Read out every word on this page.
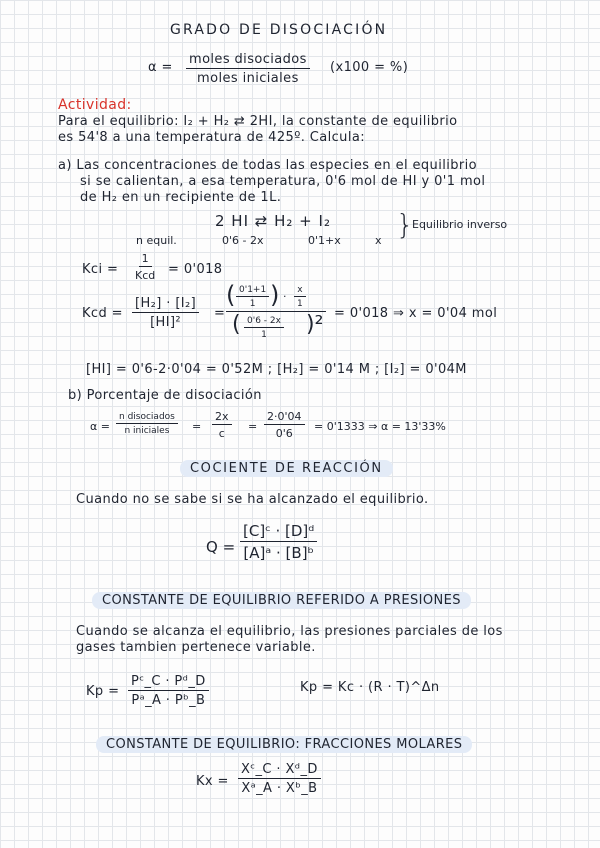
GRADO DE DISOCIACIÓN
α =
moles disociados
moles iniciales
(x100 = %)
Actividad:
Para el equilibrio: I₂ + H₂ ⇄ 2HI, la constante de equilibrio
es 54'8 a una temperatura de 425º. Calcula:
a) Las concentraciones de todas las especies en el equilibrio
si se calientan, a esa temperatura, 0'6 mol de HI y 0'1 mol
de H₂ en un recipiente de 1L.
2 HI ⇄ H₂ + I₂ }
Equilibrio inverso
n equil.	0'6 - 2x	0'1+x	x
Kci =
1
Kcd = 0'018
Kcd = $\frac{\text{[H₂] · [I₂]}}{\text{[HI]²}}$ =
( $\frac{0'1+1}{1}$ ) · $\frac{x}{1}$
( $\frac{0'6 - 2x}{1} )^2 = 0'018$ ⇒ x = 0'04 mol
[HI] = 0'6-2·0'04 = 0'52M ; [H₂] = 0'14 M ; [I₂] = 0'04M
b) Porcentaje de disociación
α =
n disociados
n iniciales = $\frac{2x}{c} = \frac{2\cdot 0'04}{0'6} = 0'1333$ ⇒ α = 13'33%
COCIENTE DE REACCIÓN
Cuando no se sabe si se ha alcanzado el equilibrio.
$Q = \frac{\text{[C]ᶜ · [D]ᵈ}}{\text{[A]ᵃ · [B]ᵇ}}$
CONSTANTE DE EQUILIBRIO REFERIDO A PRESIONES
Cuando se alcanza el equilibrio, las presiones parciales de los
gases tambien pertenece variable.
$Kp = \frac{\text{Pᶜ\_C · Pᵈ\_D}}{\text{Pᵃ\_A · Pᵇ\_B}}$	Kp = Kc · (R · T)^Δn
CONSTANTE DE EQUILIBRIO: FRACCIONES MOLARES
$Kx = \frac{\text{Xᶜ\_C · Xᵈ\_D}}{\text{Xᵃ\_A · Xᵇ\_B}}$
